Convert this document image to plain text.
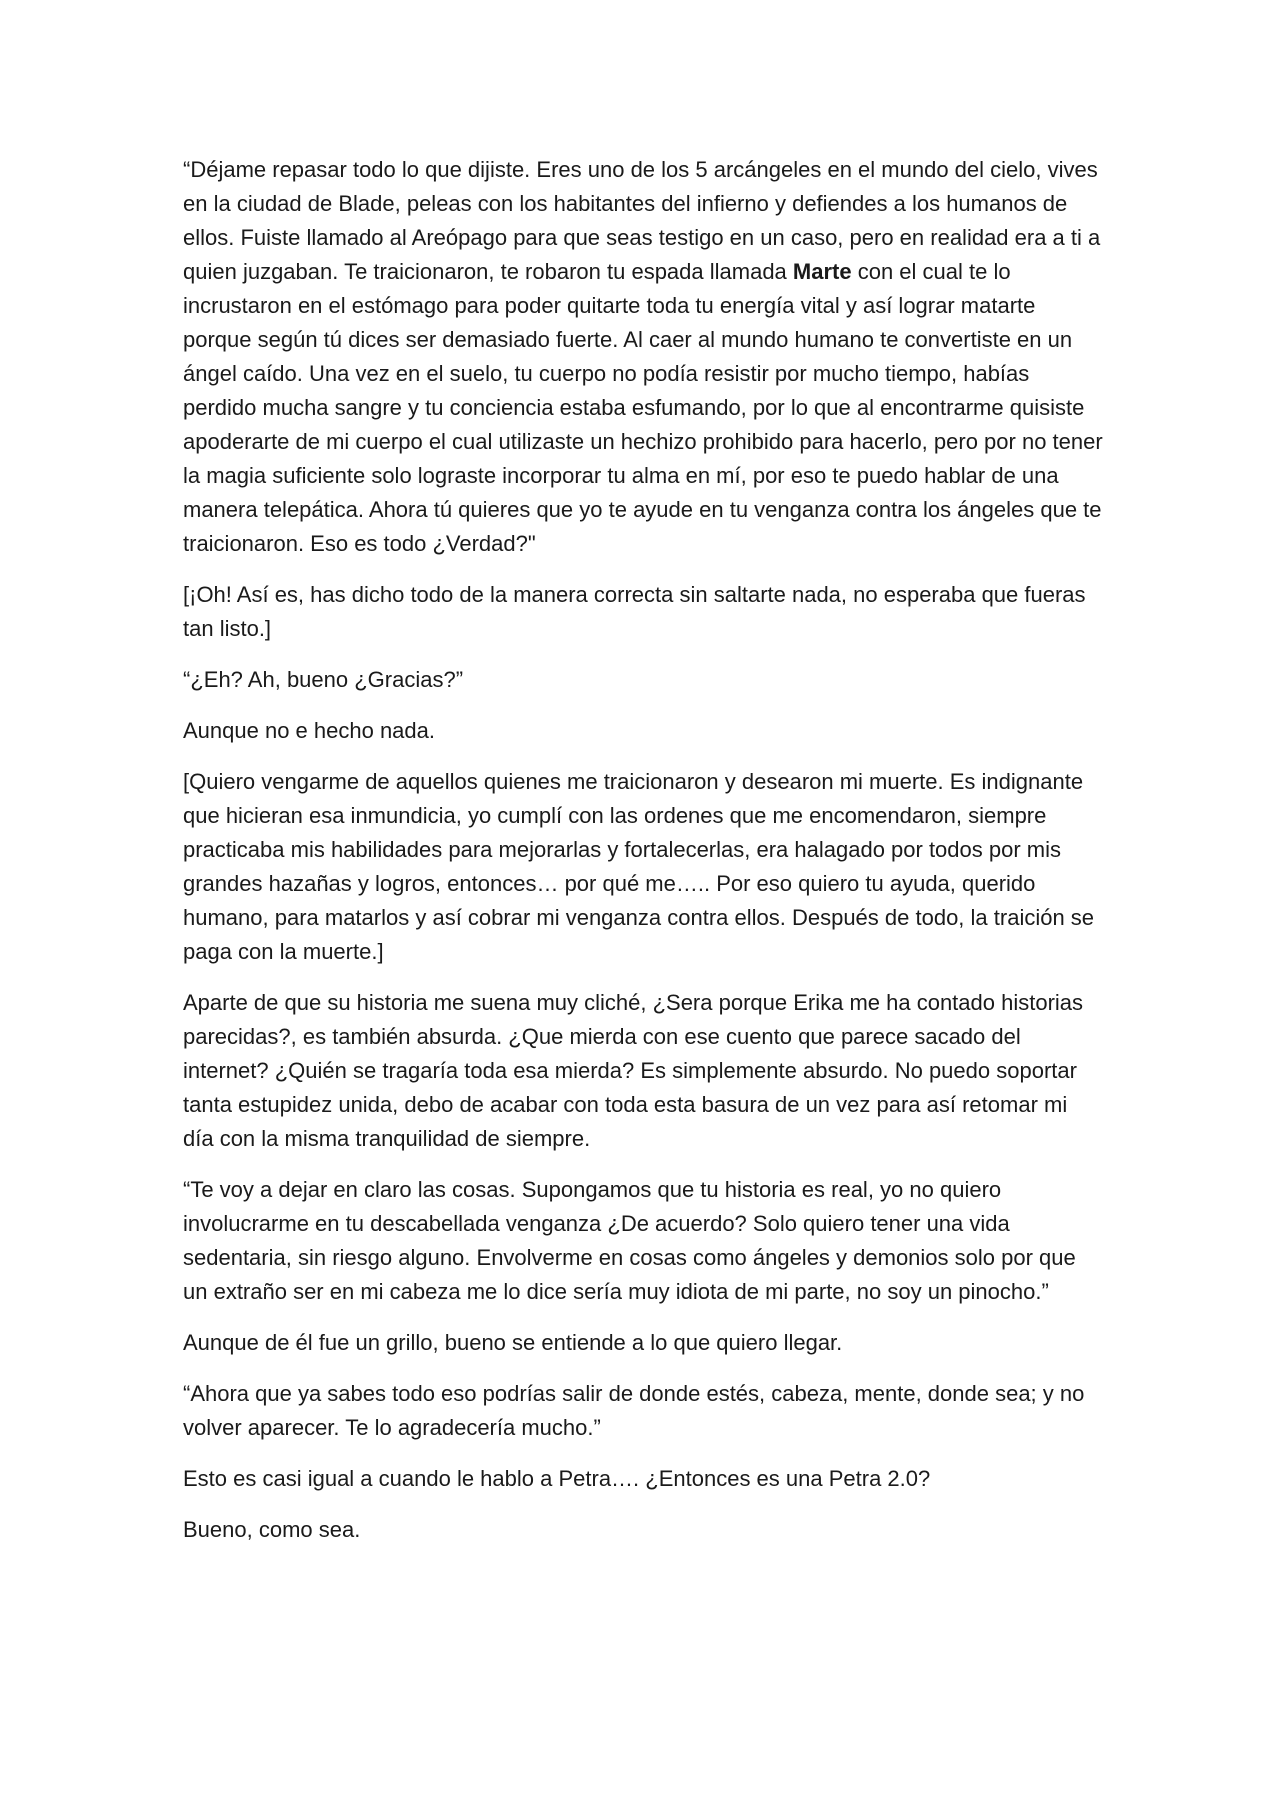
“Déjame repasar todo lo que dijiste. Eres uno de los 5 arcángeles en el mundo del cielo, vives en la ciudad de Blade, peleas con los habitantes del infierno y defiendes a los humanos de ellos. Fuiste llamado al Areópago para que seas testigo en un caso, pero en realidad era a ti a quien juzgaban. Te traicionaron, te robaron tu espada llamada Marte con el cual te lo incrustaron en el estómago para poder quitarte toda tu energía vital y así lograr matarte porque según tú dices ser demasiado fuerte. Al caer al mundo humano te convertiste en un ángel caído. Una vez en el suelo, tu cuerpo no podía resistir por mucho tiempo, habías perdido mucha sangre y tu conciencia estaba esfumando, por lo que al encontrarme quisiste apoderarte de mi cuerpo el cual utilizaste un hechizo prohibido para hacerlo, pero por no tener la magia suficiente solo lograste incorporar tu alma en mí, por eso te puedo hablar de una manera telepática. Ahora tú quieres que yo te ayude en tu venganza contra los ángeles que te traicionaron. Eso es todo ¿Verdad?"

[¡Oh! Así es, has dicho todo de la manera correcta sin saltarte nada, no esperaba que fueras tan listo.]

“¿Eh? Ah, bueno ¿Gracias?”

Aunque no e hecho nada.

[Quiero vengarme de aquellos quienes me traicionaron y desearon mi muerte. Es indignante que hicieran esa inmundicia, yo cumplí con las ordenes que me encomendaron, siempre practicaba mis habilidades para mejorarlas y fortalecerlas, era halagado por todos por mis grandes hazañas y logros, entonces… por qué me….. Por eso quiero tu ayuda, querido humano, para matarlos y así cobrar mi venganza contra ellos. Después de todo, la traición se paga con la muerte.]

Aparte de que su historia me suena muy cliché, ¿Sera porque Erika me ha contado historias parecidas?, es también absurda. ¿Que mierda con ese cuento que parece sacado del internet? ¿Quién se tragaría toda esa mierda? Es simplemente absurdo. No puedo soportar tanta estupidez unida, debo de acabar con toda esta basura de un vez para así retomar mi día con la misma tranquilidad de siempre.

“Te voy a dejar en claro las cosas. Supongamos que tu historia es real, yo no quiero involucrarme en tu descabellada venganza ¿De acuerdo? Solo quiero tener una vida sedentaria, sin riesgo alguno. Envolverme en cosas como ángeles y demonios solo por que un extraño ser en mi cabeza me lo dice sería muy idiota de mi parte, no soy un pinocho.”

Aunque de él fue un grillo, bueno se entiende a lo que quiero llegar.

“Ahora que ya sabes todo eso podrías salir de donde estés, cabeza, mente, donde sea; y no volver aparecer. Te lo agradecería mucho.”

Esto es casi igual a cuando le hablo a Petra…. ¿Entonces es una Petra 2.0?

Bueno, como sea.
